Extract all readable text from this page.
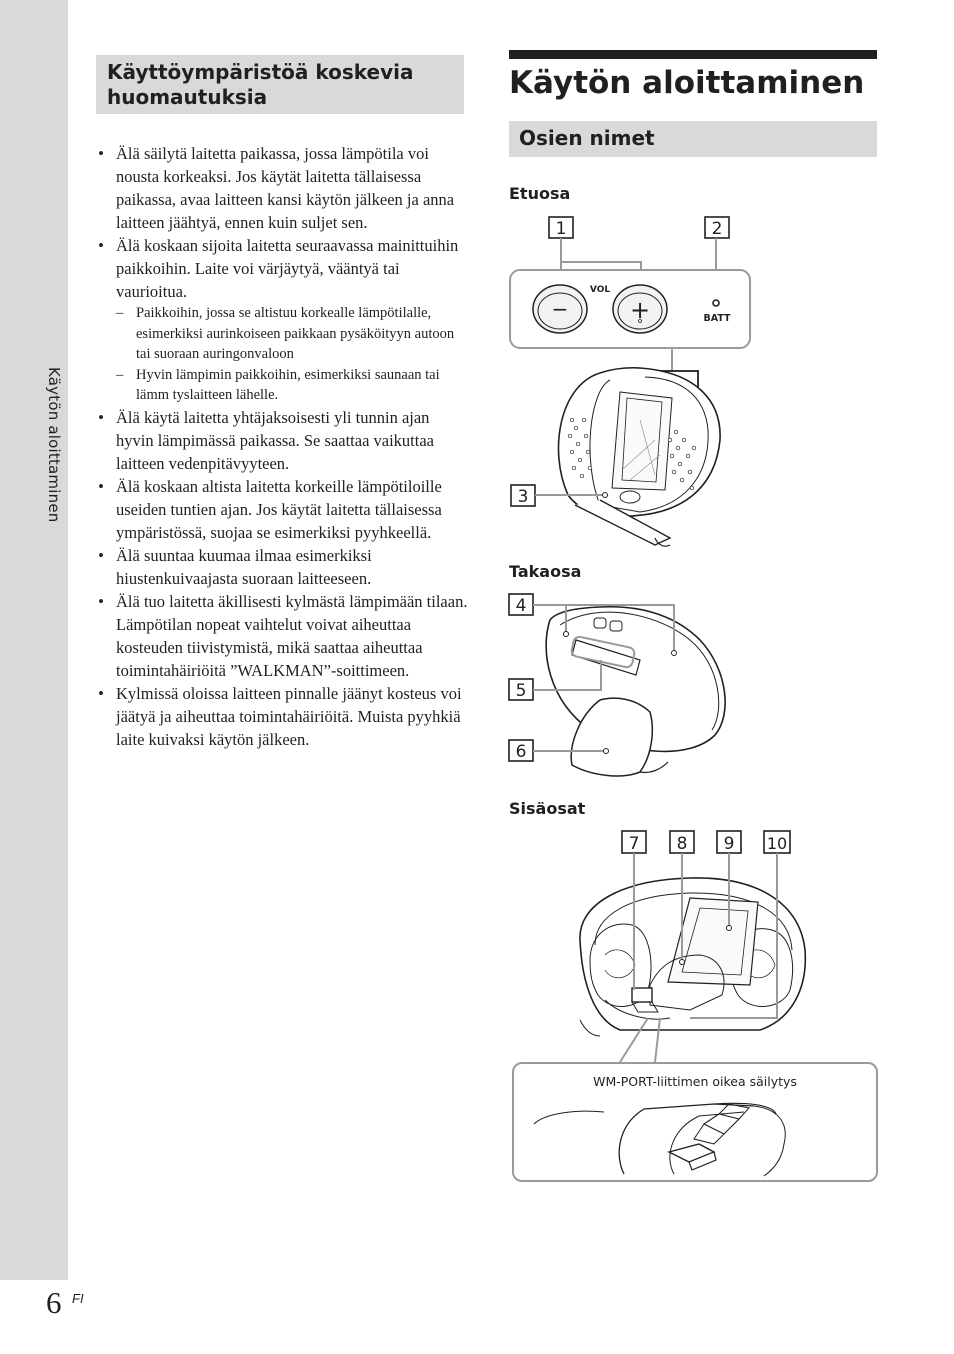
Käytön aloittaminen
Käyttöympäristöä koskevia huomautuksia
• Älä säilytä laitetta paikassa, jossa lämpötila voi nousta korkeaksi. Jos käytät laitetta tällaisessa paikassa, avaa laitteen kansi käytön jälkeen ja anna laitteen jäähtyä, ennen kuin suljet sen.
• Älä koskaan sijoita laitetta seuraavassa mainittuihin paikkoihin. Laite voi värjäytyä, vääntyä tai vaurioitua.
– Paikkoihin, jossa se altistuu korkealle lämpötilalle, esimerkiksi aurinkoiseen paikkaan pysäköityyn autoon tai suoraan auringonvaloon
– Hyvin lämpimin paikkoihin, esimerkiksi saunaan tai lämm tyslaitteen lähelle.
• Älä käytä laitetta yhtäjaksoisesti yli tunnin ajan hyvin lämpimässä paikassa. Se saattaa vaikuttaa laitteen vedenpitävyyteen.
• Älä koskaan altista laitetta korkeille lämpötiloille useiden tuntien ajan. Jos käytät laitetta tällaisessa ympäristössä, suojaa se esimerkiksi pyyhkeellä.
• Älä suuntaa kuumaa ilmaa esimerkiksi hiustenkuivaajasta suoraan laitteeseen.
• Älä tuo laitetta äkillisesti kylmästä lämpimään tilaan. Lämpötilan nopeat vaihtelut voivat aiheuttaa kosteuden tiivistymistä, mikä saattaa aiheuttaa toimintahäiriöitä ”WALKMAN”-soittimeen.
• Kylmissä oloissa laitteen pinnalle jäänyt kosteus voi jäätyä ja aiheuttaa toimintahäiriöitä. Muista pyyhkiä laite kuivaksi käytön jälkeen.
Käytön aloittaminen
Osien nimet
Etuosa
Takaosa
Sisäosat
1	2
−	+
VOL
BATT
3
4
5
6
7 8 9 10
WM-PORT-liittimen oikea säilytys
6 FI
